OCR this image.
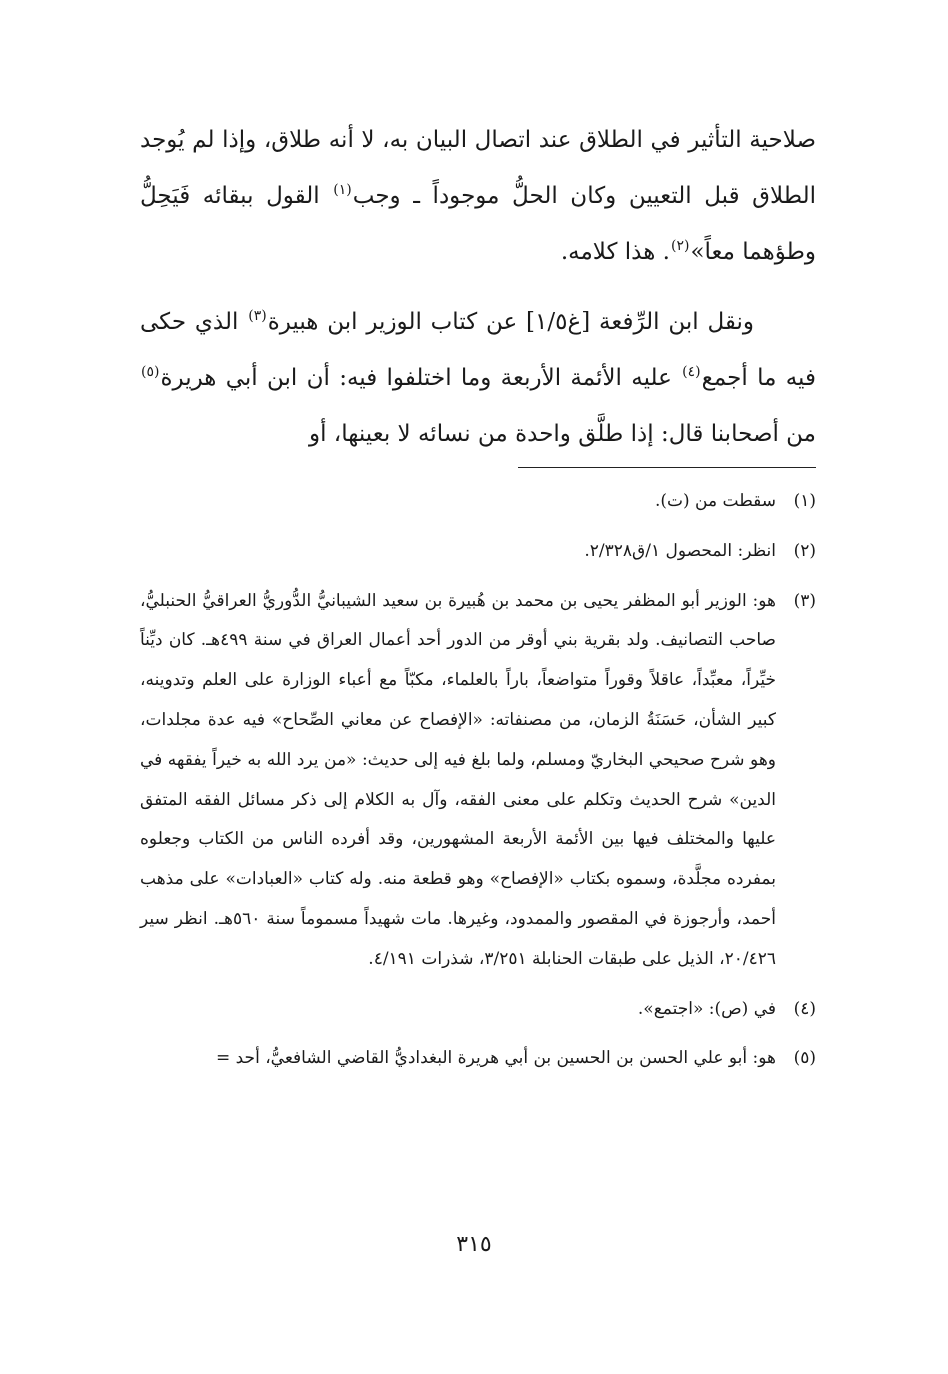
صلاحية التأثير في الطلاق عند اتصال البيان به، لا أنه طلاق، وإذا لم يُوجد الطلاق قبل التعيين وكان الحلُّ موجوداً ـ وجب$^{(١)}$ القول ببقائه فَيَحِلُّ وطؤهما معاً»$^{(٢)}$. هذا كلامه.

ونقل ابن الرِّفعة [غ١/٥] عن كتاب الوزير ابن هبيرة$^{(٣)}$ الذي حكى فيه ما أجمع$^{(٤)}$ عليه الأئمة الأربعة وما اختلفوا فيه: أن ابن أبي هريرة$^{(٥)}$ من أصحابنا قال: إذا طلَّق واحدة من نسائه لا بعينها، أو

(١)
سقطت من (ت).

(٢)
انظر: المحصول ١/ق٢/٣٢٨.

(٣)
هو: الوزير أبو المظفر يحيى بن محمد بن هُبيرة بن سعيد الشيبانيُّ الدُّوريُّ العراقيُّ الحنبليُّ، صاحب التصانيف. ولد بقرية بني أوقر من الدور أحد أعمال العراق في سنة ٤٩٩هـ. كان ديِّناً خيِّراً، معبِّداً، عاقلاً وقوراً متواضعاً، باراً بالعلماء، مكبّاً مع أعباء الوزارة على العلم وتدوينه، كبير الشأن، حَسَنَةُ الزمان، من مصنفاته: «الإفصاح عن معاني الصِّحاح» فيه عدة مجلدات، وهو شرح صحيحي البخاريّ ومسلم، ولما بلغ فيه إلى حديث: «من يرد الله به خيراً يفقهه في الدين» شرح الحديث وتكلم على معنى الفقه، وآل به الكلام إلى ذكر مسائل الفقه المتفق عليها والمختلف فيها بين الأئمة الأربعة المشهورين، وقد أفرده الناس من الكتاب وجعلوه بمفرده مجلَّدة، وسموه بكتاب «الإفصاح» وهو قطعة منه. وله كتاب «العبادات» على مذهب أحمد، وأرجوزة في المقصور والممدود، وغيرها. مات شهيداً مسموماً سنة ٥٦٠هـ. انظر سير ٢٠/٤٢٦، الذيل على طبقات الحنابلة ٣/٢٥١، شذرات ٤/١٩١.

(٤)
في (ص): «اجتمع».

(٥)
هو: أبو علي الحسن بن الحسين بن أبي هريرة البغداديُّ القاضي الشافعيُّ، أحد =

٣١٥
